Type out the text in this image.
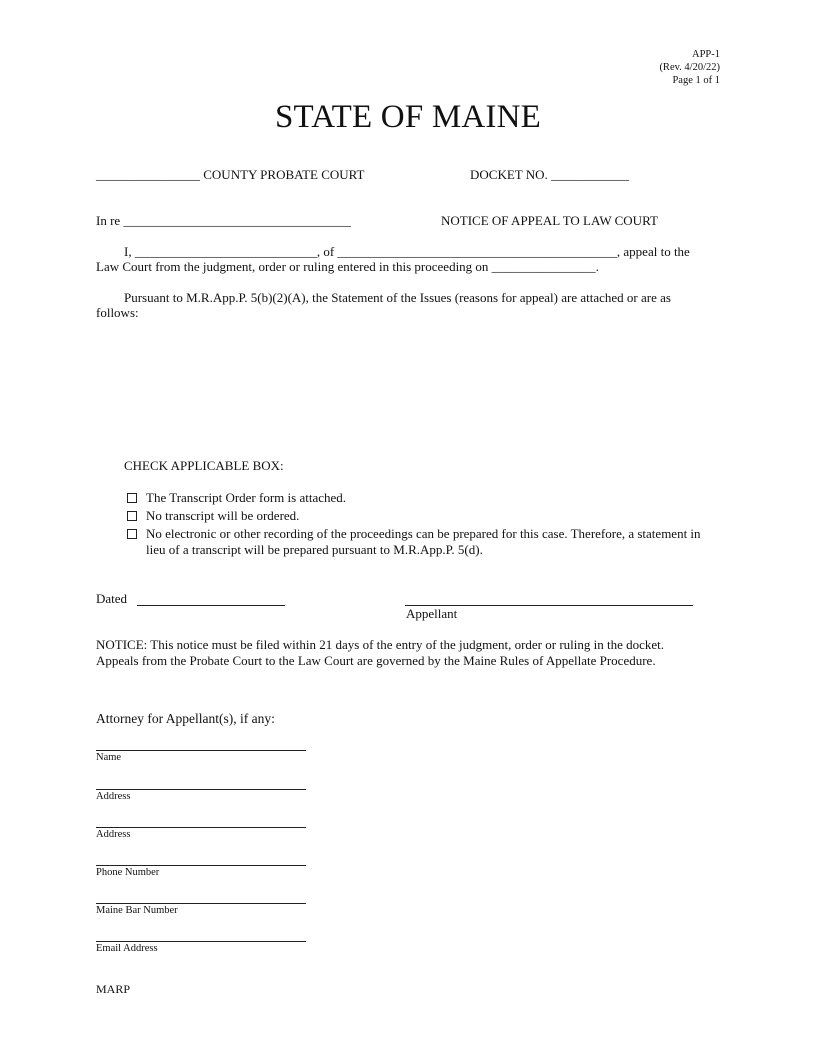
APP-1
(Rev. 4/20/22)
Page 1 of 1
STATE OF MAINE
________________ COUNTY PROBATE COURT	DOCKET NO. ____________
In re ___________________________________	NOTICE OF APPEAL TO LAW COURT
I, ____________________________, of ___________________________________________, appeal to the
Law Court from the judgment, order or ruling entered in this proceeding on ________________.
Pursuant to M.R.App.P. 5(b)(2)(A), the Statement of the Issues (reasons for appeal) are attached or are as
follows:
CHECK APPLICABLE BOX:
The Transcript Order form is attached.
No transcript will be ordered.
No electronic or other recording of the proceedings can be prepared for this case. Therefore, a statement in
lieu of a transcript will be prepared pursuant to M.R.App.P. 5(d).
Dated
Appellant
NOTICE: This notice must be filed within 21 days of the entry of the judgment, order or ruling in the docket.
Appeals from the Probate Court to the Law Court are governed by the Maine Rules of Appellate Procedure.
Attorney for Appellant(s), if any:
Name
Address
Address
Phone Number
Maine Bar Number
Email Address
MARP
